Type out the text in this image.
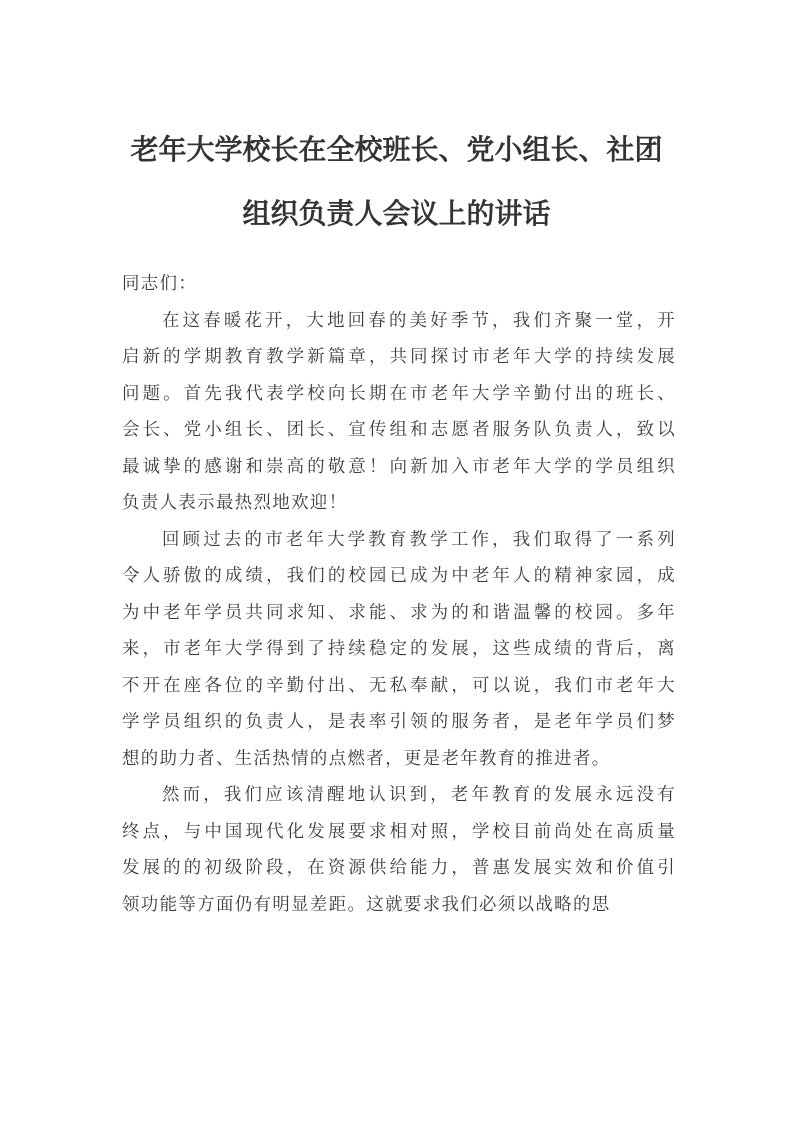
老年大学校长在全校班长、党小组长、社团
组织负责人会议上的讲话
同志们：
在这春暖花开，大地回春的美好季节，我们齐聚一堂，开
启新的学期教育教学新篇章，共同探讨市老年大学的持续发展
问题。首先我代表学校向长期在市老年大学辛勤付出的班长、
会长、党小组长、团长、宣传组和志愿者服务队负责人，致以
最诚挚的感谢和崇高的敬意！向新加入市老年大学的学员组织
负责人表示最热烈地欢迎！
回顾过去的市老年大学教育教学工作，我们取得了一系列
令人骄傲的成绩，我们的校园已成为中老年人的精神家园，成
为中老年学员共同求知、求能、求为的和谐温馨的校园。多年
来，市老年大学得到了持续稳定的发展，这些成绩的背后，离
不开在座各位的辛勤付出、无私奉献，可以说，我们市老年大
学学员组织的负责人，是表率引领的服务者，是老年学员们梦
想的助力者、生活热情的点燃者，更是老年教育的推进者。
然而，我们应该清醒地认识到，老年教育的发展永远没有
终点，与中国现代化发展要求相对照，学校目前尚处在高质量
发展的的初级阶段，在资源供给能力，普惠发展实效和价值引
领功能等方面仍有明显差距。这就要求我们必须以战略的思
